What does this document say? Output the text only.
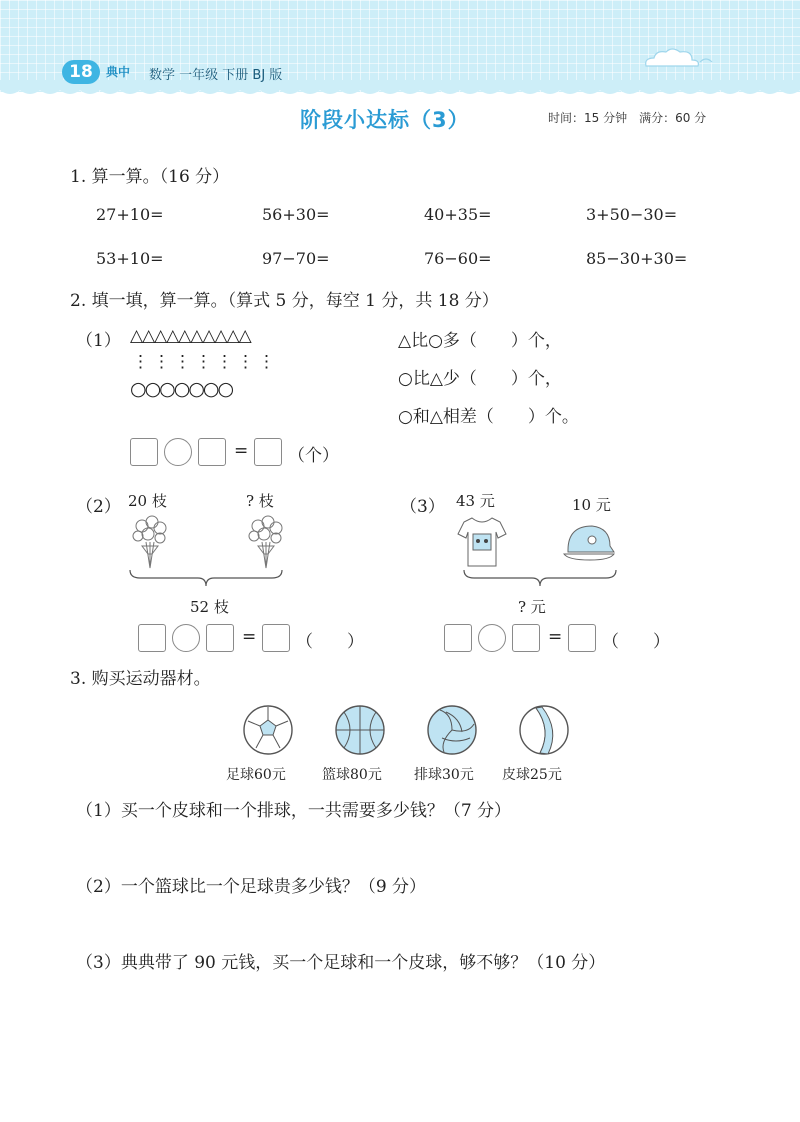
18	典中 数学 一年级 下册 BJ 版
阶段小达标（3）	时间：15 分钟　满分：60 分
1. 算一算。（16 分）
27+10=	56+30=	40+35=	3+50−30=
53+10=	97−70=	76−60=	85−30+30=
2. 填一填，算一算。（算式 5 分，每空 1 分，共 18 分）
（1） △△△△△△△△△△
⋮⋮⋮⋮⋮⋮⋮
○○○○○○○
△比○多（　　）个，
○比△少（　　）个，
○和△相差（　　）个。
= （个）
（2） 20 枝	? 枝
52 枝
= （　　）
（3） 43 元	10 元
? 元
= （　　）
3. 购买运动器材。
足球60元	篮球80元 排球30元 皮球25元
（1）买一个皮球和一个排球，一共需要多少钱？（7 分）
（2）一个篮球比一个足球贵多少钱？（9 分）
（3）典典带了 90 元钱，买一个足球和一个皮球，够不够？（10 分）
